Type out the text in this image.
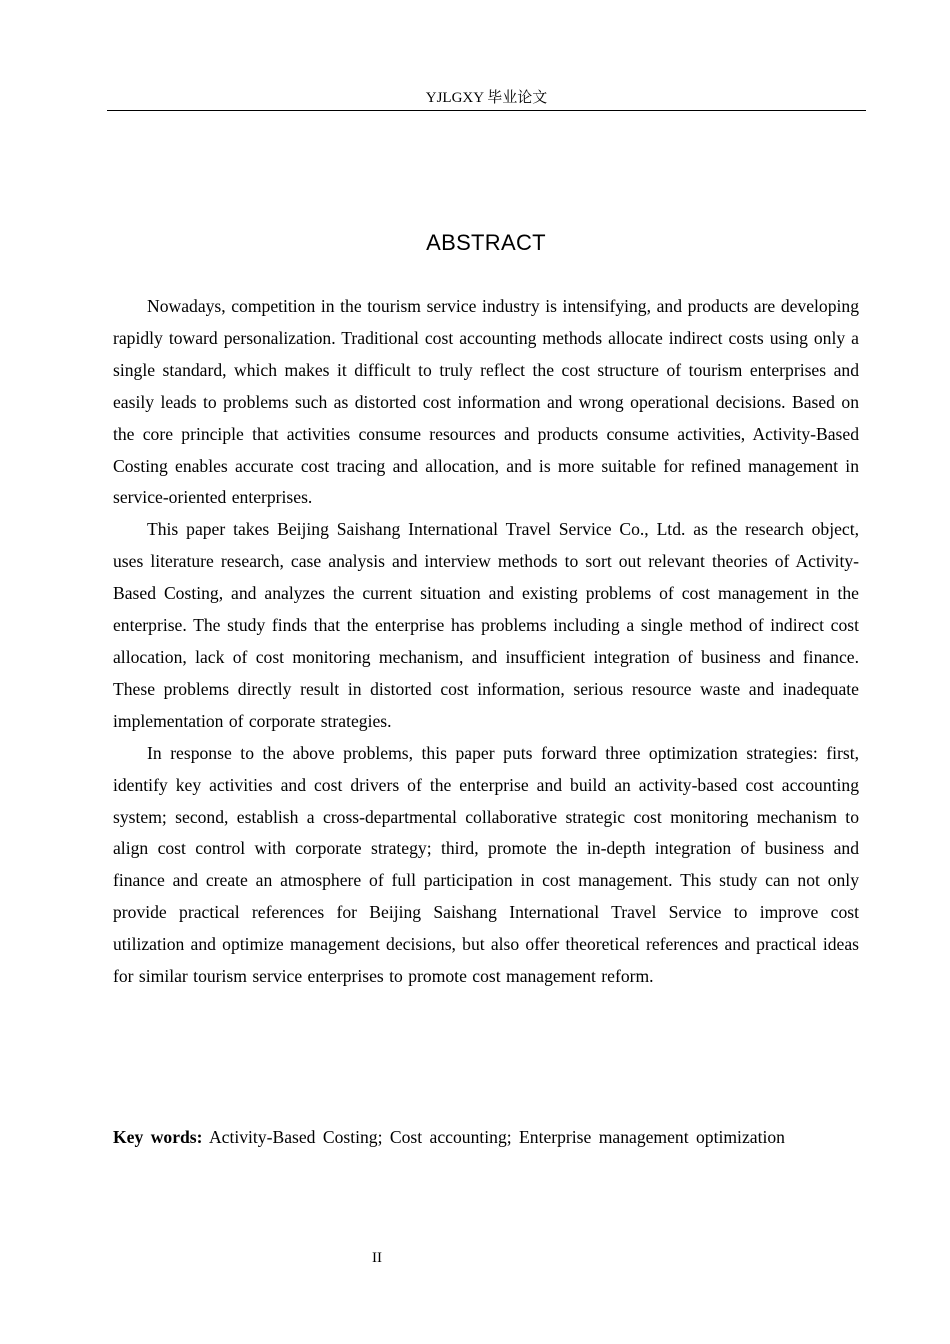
YJLGXY 毕业论文
ABSTRACT

Nowadays, competition in the tourism service industry is intensifying, and products are developing rapidly toward personalization. Traditional cost accounting methods allocate indirect costs using only a single standard, which makes it difficult to truly reflect the cost structure of tourism enterprises and easily leads to problems such as distorted cost information and wrong operational decisions. Based on the core principle that activities consume resources and products consume activities, Activity-Based Costing enables accurate cost tracing and allocation, and is more suitable for refined management in service-oriented enterprises.

This paper takes Beijing Saishang International Travel Service Co., Ltd. as the research object, uses literature research, case analysis and interview methods to sort out relevant theories of Activity-Based Costing, and analyzes the current situation and existing problems of cost management in the enterprise. The study finds that the enterprise has problems including a single method of indirect cost allocation, lack of cost monitoring mechanism, and insufficient integration of business and finance. These problems directly result in distorted cost information, serious resource waste and inadequate implementation of corporate strategies.

In response to the above problems, this paper puts forward three optimization strategies: first, identify key activities and cost drivers of the enterprise and build an activity-based cost accounting system; second, establish a cross-departmental collaborative strategic cost monitoring mechanism to align cost control with corporate strategy; third, promote the in-depth integration of business and finance and create an atmosphere of full participation in cost management. This study can not only provide practical references for Beijing Saishang International Travel Service to improve cost utilization and optimize management decisions, but also offer theoretical references and practical ideas for similar tourism service enterprises to promote cost management reform.

Key words: Activity-Based Costing; Cost accounting; Enterprise management optimization
II
